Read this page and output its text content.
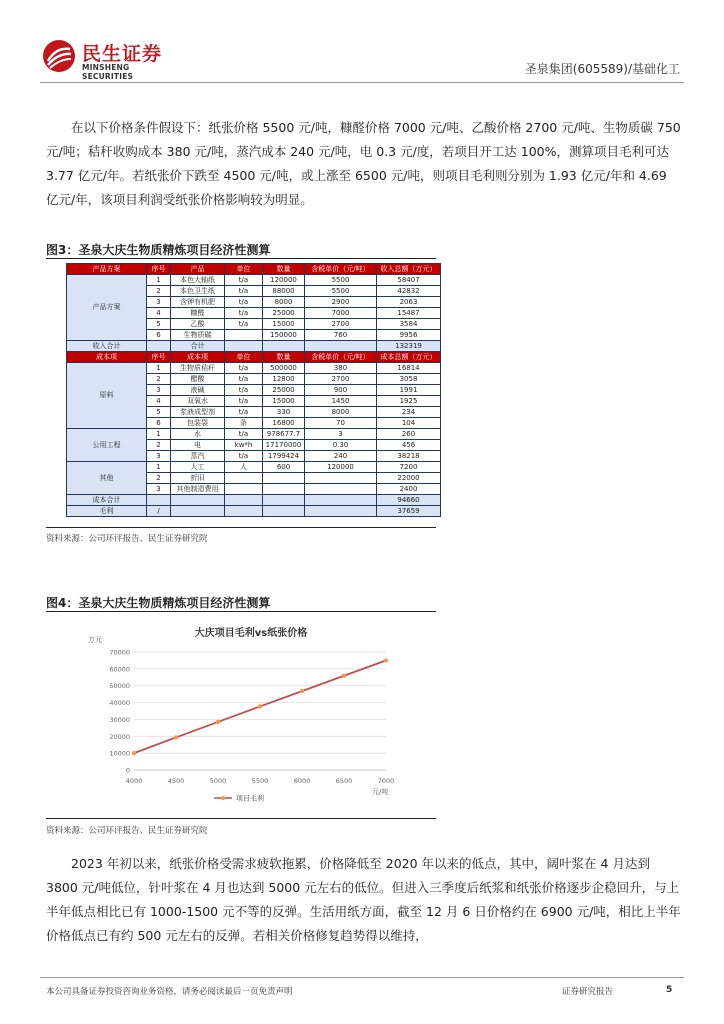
民生证券
MINSHENG SECURITIES
圣泉集团(605589)/基础化工
在以下价格条件假设下：纸张价格 5500 元/吨，糠醛价格 7000 元/吨、乙酸价格 2700 元/吨、生物质碳 750 元/吨；秸秆收购成本 380 元/吨，蒸汽成本 240 元/吨，电 0.3 元/度，若项目开工达 100%，测算项目毛利可达 3.77 亿元/年。若纸张价下跌至 4500 元/吨，或上涨至 6500 元/吨，则项目毛利则分别为 1.93 亿元/年和 4.69 亿元/年，该项目利润受纸张价格影响较为明显。
图3：圣泉大庆生物质精炼项目经济性测算
产品方案	序号	产品	单位	数量	含税单价（元/吨）	收入总额（万元）
产品方案	1	本色大轴纸	t/a	120000	5500	58407
	2	本色卫生纸	t/a	88000	5500	42832
	3	含钾有机肥	t/a	8000	2900	2063
	4	糠醛	t/a	25000	7000	15487
	5	乙酸	t/a	15000	2700	3584
	6	生物质碳		150000	760	9956
收入合计		合计				132319
成本项	序号	成本项	单位	数量	含税单价（元/吨）	成本总额（万元）
原料	1	生物质秸秆	t/a	500000	380	16814
	2	醋酸	t/a	12800	2700	3058
	3	液碱	t/a	25000	900	1991
	4	双氧水	t/a	15000	1450	1925
	5	浆液成型剂	t/a	330	8000	234
	6	包装袋	条	16800	70	104
公用工程	1	水	t/a	978677.7	3	260
	2	电	kw*h	17170000	0.30	456
	3	蒸汽	t/a	1799424	240	38218
其他	1	人工	人	600	120000	7200
	2	折旧				22000
	3	其他制造费用				2400
成本合计						94660
毛利	/					37659
资料来源：公司环评报告、民生证券研究院
图4：圣泉大庆生物质精炼项目经济性测算
大庆项目毛利vs纸张价格
万元
0
10000
20000
30000
40000
50000
60000
70000
4000	4500	5000	5500	6000	6500	7000
元/吨
项目毛利
资料来源：公司环评报告、民生证券研究院
2023 年初以来，纸张价格受需求疲软拖累，价格降低至 2020 年以来的低点，其中，阔叶浆在 4 月达到 3800 元/吨低位，针叶浆在 4 月也达到 5000 元左右的低位。但进入三季度后纸浆和纸张价格逐步企稳回升，与上半年低点相比已有 1000-1500 元不等的反弹。生活用纸方面，截至 12 月 6 日价格约在 6900 元/吨，相比上半年价格低点已有约 500 元左右的反弹。若相关价格修复趋势得以维持，
本公司具备证券投资咨询业务资格，请务必阅读最后一页免责声明	证券研究报告	5
